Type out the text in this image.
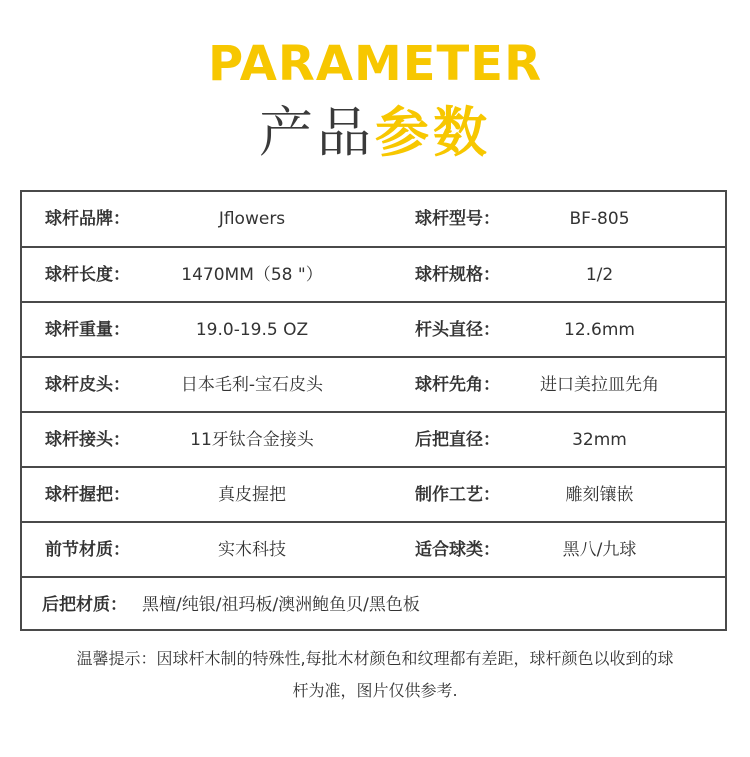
PARAMETER
产品参数
球杆品牌：	Jflowers	球杆型号：	BF-805
球杆长度：	1470MM（58 "）	球杆规格：	1/2
球杆重量：	19.0-19.5 OZ	杆头直径：	12.6mm
球杆皮头：	日本毛利-宝石皮头	球杆先角：	进口美拉皿先角
球杆接头：	11牙钛合金接头	后把直径：	32mm
球杆握把：	真皮握把	制作工艺：	雕刻镶嵌
前节材质：	实木科技	适合球类：	黑八/九球
后把材质： 黑檀/纯银/祖玛板/澳洲鲍鱼贝/黑色板
温馨提示：因球杆木制的特殊性,每批木材颜色和纹理都有差距，球杆颜色以收到的球
杆为准，图片仅供参考.
